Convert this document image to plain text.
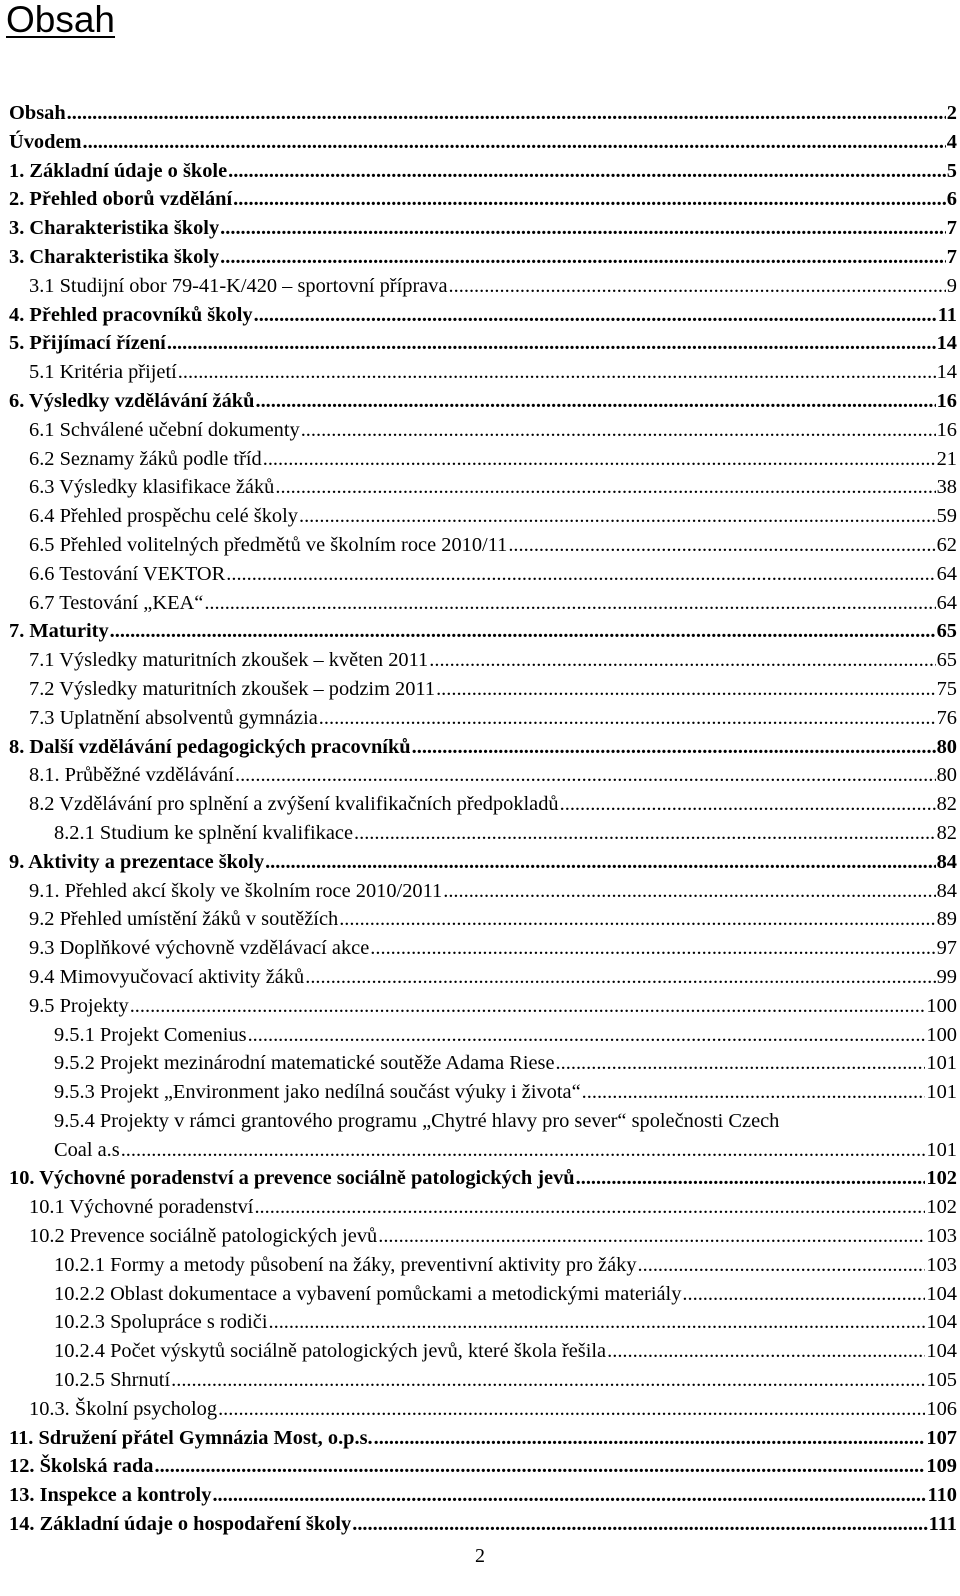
Obsah
Obsah .....	2
Úvodem .....	4
1. Základní údaje o škole .....	5
2. Přehled oborů vzdělání .....	6
3. Charakteristika školy .....	7
3. Charakteristika školy .....	7
3.1 Studijní obor 79-41-K/420 – sportovní příprava .....	9
4. Přehled pracovníků školy .....	11
5. Přijímací řízení .....	14
5.1 Kritéria přijetí .....	14
6. Výsledky vzdělávání žáků .....	16
6.1 Schválené učební dokumenty .....	16
6.2 Seznamy žáků podle tříd .....	21
6.3 Výsledky klasifikace žáků .....	38
6.4 Přehled prospěchu celé školy .....	59
6.5 Přehled volitelných předmětů ve školním roce 2010/11 .....	62
6.6 Testování VEKTOR .....	64
6.7 Testování „KEA“ .....	64
7. Maturity .....	65
7.1 Výsledky maturitních zkoušek – květen 2011 .....	65
7.2 Výsledky maturitních zkoušek – podzim 2011 .....	75
7.3 Uplatnění absolventů gymnázia .....	76
8. Další vzdělávání pedagogických pracovníků .....	80
8.1. Průběžné vzdělávání .....	80
8.2 Vzdělávání pro splnění a zvýšení kvalifikačních předpokladů .....	82
8.2.1 Studium ke splnění kvalifikace .....	82
9. Aktivity a prezentace školy .....	84
9.1. Přehled akcí školy ve školním roce 2010/2011 .....	84
9.2 Přehled umístění žáků v soutěžích .....	89
9.3 Doplňkové výchovně vzdělávací akce .....	97
9.4 Mimovyučovací aktivity žáků .....	99
9.5 Projekty .....	100
9.5.1 Projekt Comenius .....	100
9.5.2 Projekt mezinárodní matematické soutěže Adama Riese .....	101
9.5.3 Projekt „Environment jako nedílná součást výuky i života“ .....	101
9.5.4 Projekty v rámci grantového programu „Chytré hlavy pro sever“ společnosti Czech
Coal a.s .....	101
10. Výchovné poradenství a prevence sociálně patologických jevů .....	102
10.1 Výchovné poradenství .....	102
10.2 Prevence sociálně patologických jevů .....	103
10.2.1 Formy a metody působení na žáky, preventivní aktivity pro žáky .....	103
10.2.2 Oblast dokumentace a vybavení pomůckami a metodickými materiály .....	104
10.2.3 Spolupráce s rodiči .....	104
10.2.4 Počet výskytů sociálně patologických jevů, které škola řešila .....	104
10.2.5 Shrnutí .....	105
10.3. Školní psycholog .....	106
11. Sdružení přátel Gymnázia Most, o.p.s. .....	107
12. Školská rada .....	109
13. Inspekce a kontroly .....	110
14. Základní údaje o hospodaření školy .....	111
2
